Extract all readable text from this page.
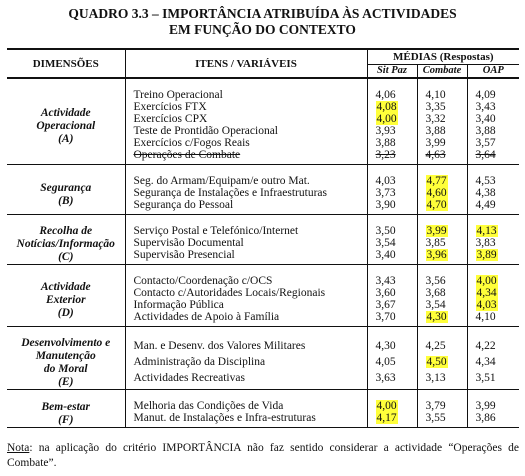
QUADRO 3.3 – IMPORTÂNCIA ATRIBUÍDA ÀS ACTIVIDADES
EM FUNÇÃO DO CONTEXTO
DIMENSÕES	ITENS / VARIÁVEIS	MÉDIAS (Respostas)		
		Sit Paz	Combate	OAP

Actividade
Operacional
(A)	Treino Operacional	4,06	4,10	4,09
	Exercícios FTX	4,08	3,35	3,43
	Exercícios CPX	4,00	3,32	3,40
	Teste de Prontidão Operacional	3,93	3,88	3,88
	Exercícios c/Fogos Reais	3,88	3,99	3,57
	Operações de Combate	3,23	4,63	3,64

Segurança
(B)	Seg. do Armam/Equipam/e outro Mat.	4,03	4,77	4,53
	Segurança de Instalações e Infraestruturas	3,73	4,60	4,38
	Segurança do Pessoal	3,90	4,70	4,49

Recolha de
Notícias/Informação
(C)	Serviço Postal e Telefónico/Internet	3,50	3,99	4,13
	Supervisão Documental	3,54	3,85	3,83
	Supervisão Presencial	3,40	3,96	3,89

Actividade
Exterior
(D)	Contacto/Coordenação c/OCS	3,43	3,56	4,00
	Contacto c/Autoridades Locais/Regionais	3,60	3,68	4,34
	Informação Pública	3,67	3,54	4,03
	Actividades de Apoio à Família	3,70	4,30	4,10

Desenvolvimento e
Manutenção
do Moral
(E)	Man. e Desenv. dos Valores Militares	4,30	4,25	4,22
	Administração da Disciplina	4,05	4,50	4,34
	Actividades Recreativas	3,63	3,13	3,51

Bem-estar
(F)	Melhoria das Condições de Vida	4,00	3,79	3,99
	Manut. de Instalações e Infra-estruturas	4,17	3,55	3,86
Nota: na aplicação do critério IMPORTÂNCIA não faz sentido considerar a actividade “Operações de Combate”.
